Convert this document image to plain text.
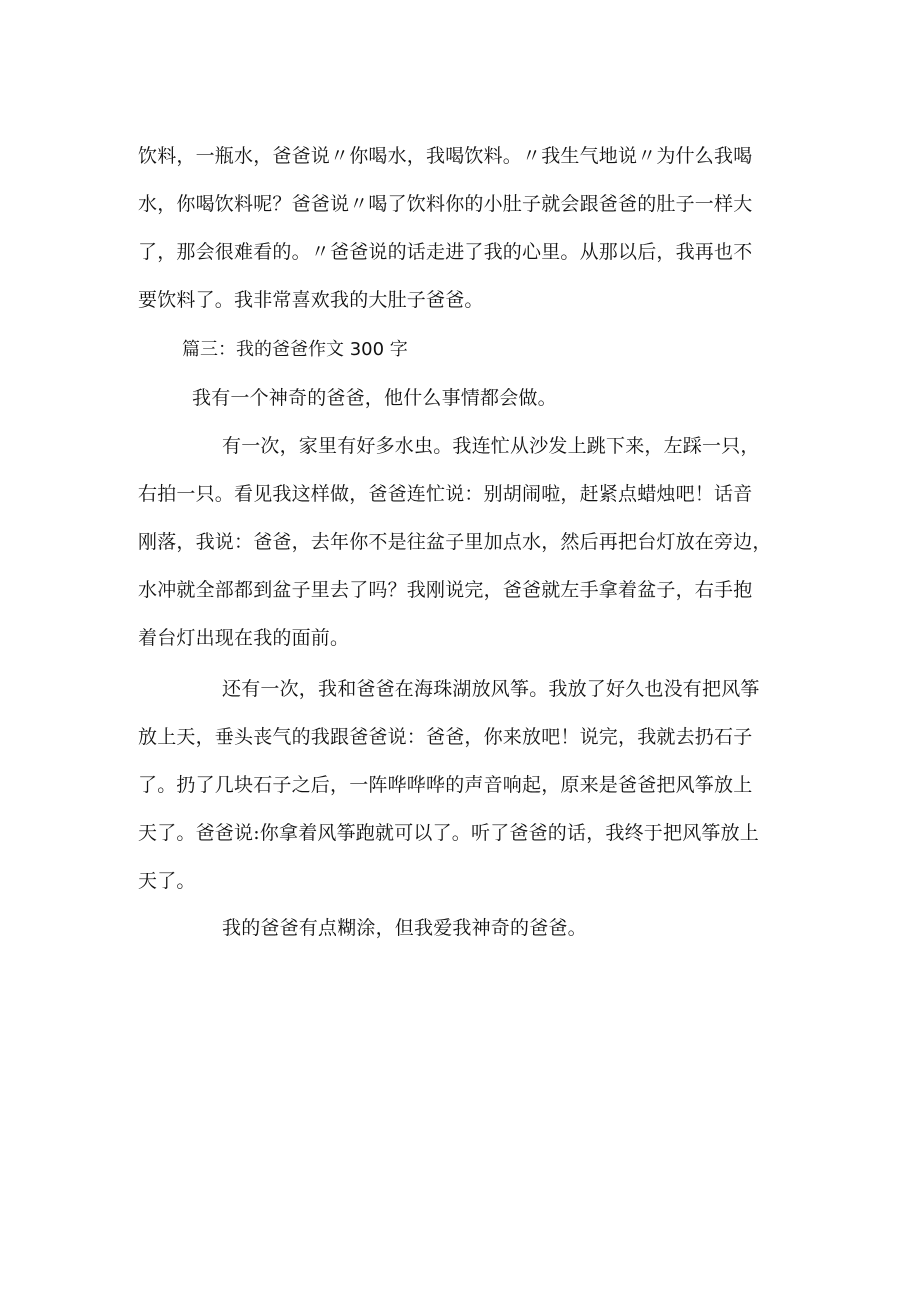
饮料，一瓶水，爸爸说〃你喝水，我喝饮料。〃我生气地说〃为什么我喝
水，你喝饮料呢？爸爸说〃喝了饮料你的小肚子就会跟爸爸的肚子一样大
了，那会很难看的。〃爸爸说的话走进了我的心里。从那以后，我再也不
要饮料了。我非常喜欢我的大肚子爸爸。
篇三：我的爸爸作文 300 字
我有一个神奇的爸爸，他什么事情都会做。
有一次，家里有好多水虫。我连忙从沙发上跳下来，左踩一只，
右拍一只。看见我这样做，爸爸连忙说：别胡闹啦，赶紧点蜡烛吧！话音
刚落，我说：爸爸，去年你不是往盆子里加点水，然后再把台灯放在旁边，
水冲就全部都到盆子里去了吗？我刚说完，爸爸就左手拿着盆子，右手抱
着台灯出现在我的面前。
还有一次，我和爸爸在海珠湖放风筝。我放了好久也没有把风筝
放上天，垂头丧气的我跟爸爸说：爸爸，你来放吧！说完，我就去扔石子
了。扔了几块石子之后，一阵哗哗哗的声音响起，原来是爸爸把风筝放上
天了。爸爸说:你拿着风筝跑就可以了。听了爸爸的话，我终于把风筝放上
天了。
我的爸爸有点糊涂，但我爱我神奇的爸爸。
